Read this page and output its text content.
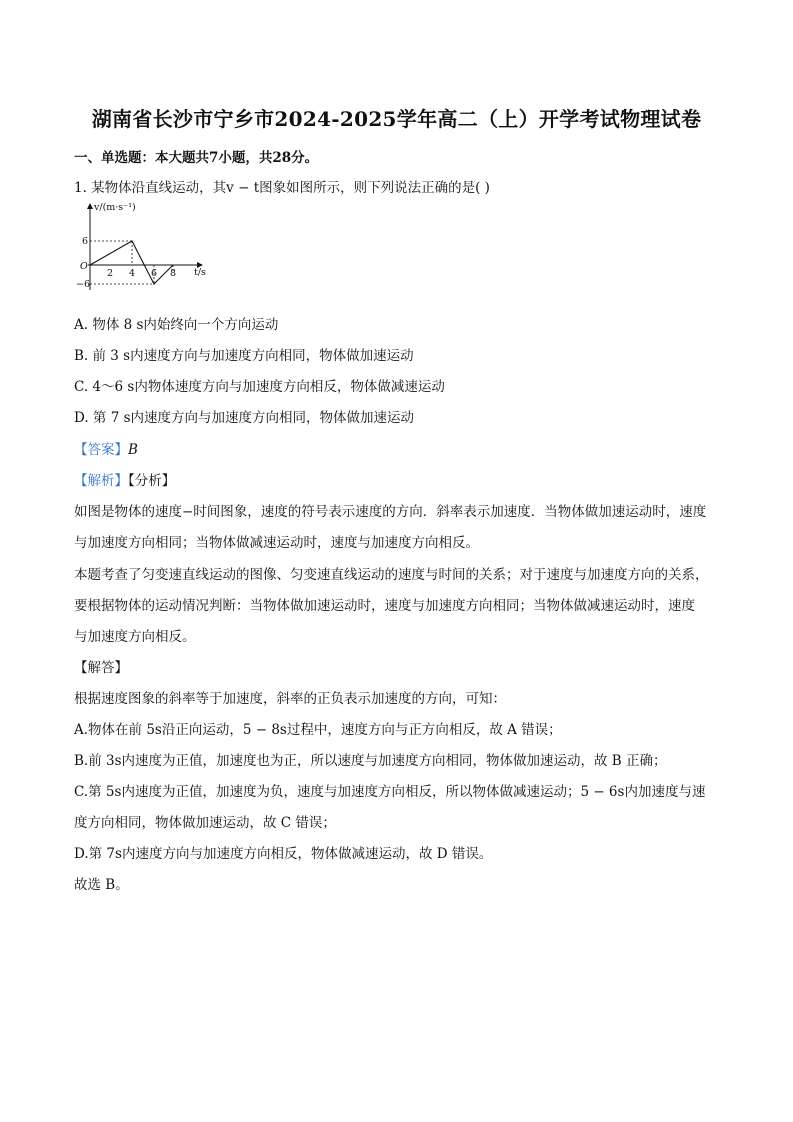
湖南省长沙市宁乡市2024-2025学年高二（上）开学考试物理试卷
一、单选题：本大题共7小题，共28分。
1. 某物体沿直线运动，其v − t图象如图所示，则下列说法正确的是( )
v/(m·s⁻¹)
t/s
O
2 4 6 8
6
−6
A. 物体 8 s内始终向一个方向运动
B. 前 3 s内速度方向与加速度方向相同，物体做加速运动
C. 4～6 s内物体速度方向与加速度方向相反，物体做减速运动
D. 第 7 s内速度方向与加速度方向相同，物体做加速运动
【答案】B
【解析】【分析】
如图是物体的速度−时间图象，速度的符号表示速度的方向．斜率表示加速度．当物体做加速运动时，速度
与加速度方向相同；当物体做减速运动时，速度与加速度方向相反。
本题考查了匀变速直线运动的图像、匀变速直线运动的速度与时间的关系；对于速度与加速度方向的关系，
要根据物体的运动情况判断：当物体做加速运动时，速度与加速度方向相同；当物体做减速运动时，速度
与加速度方向相反。
【解答】
根据速度图象的斜率等于加速度，斜率的正负表示加速度的方向，可知：
A.物体在前 5s沿正向运动，5 − 8s过程中，速度方向与正方向相反，故 A 错误；
B.前 3s内速度为正值，加速度也为正，所以速度与加速度方向相同，物体做加速运动，故 B 正确；
C.第 5s内速度为正值，加速度为负，速度与加速度方向相反，所以物体做减速运动；5 − 6s内加速度与速
度方向相同，物体做加速运动，故 C 错误；
D.第 7s内速度方向与加速度方向相反，物体做减速运动，故 D 错误。
故选 B。
